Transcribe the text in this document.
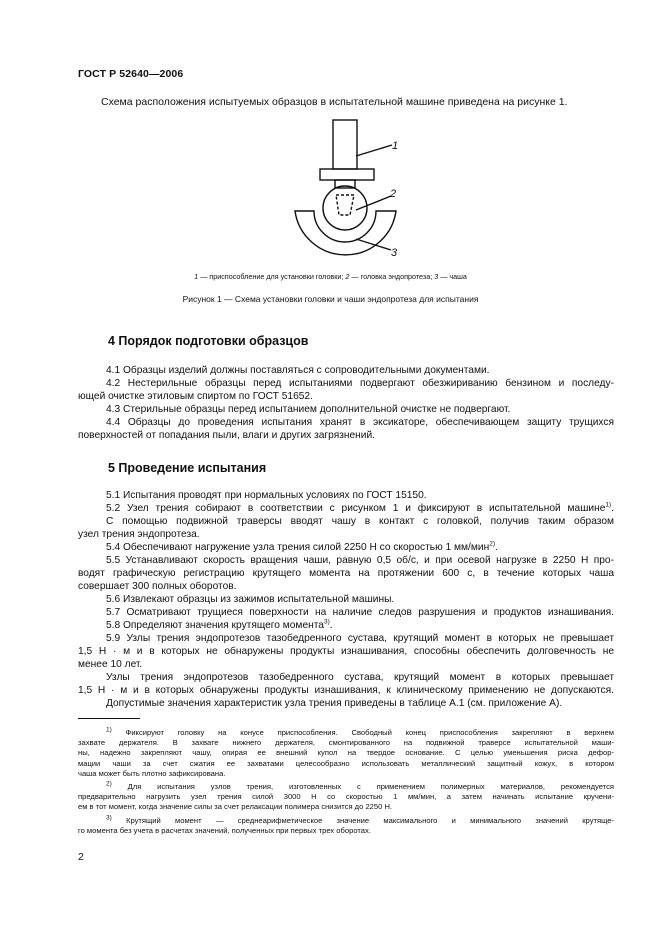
ГОСТ Р 52640—2006
Схема расположения испытуемых образцов в испытательной машине приведена на рисунке 1.
1
2
3
1 — приспособление для установки головки; 2 — головка эндопротеза; 3 — чаша
Рисунок 1 — Схема установки головки и чаши эндопротеза для испытания
4 Порядок подготовки образцов
4.1 Образцы изделий должны поставляться с сопроводительными документами.
4.2 Нестерильные образцы перед испытаниями подвергают обезжириванию бензином и последу-
ющей очистке этиловым спиртом по ГОСТ 51652.
4.3 Стерильные образцы перед испытанием дополнительной очистке не подвергают.
4.4 Образцы до проведения испытания хранят в эксикаторе, обеспечивающем защиту трущихся
поверхностей от попадания пыли, влаги и других загрязнений.
5 Проведение испытания
5.1 Испытания проводят при нормальных условиях по ГОСТ 15150.
5.2 Узел трения собирают в соответствии с рисунком 1 и фиксируют в испытательной машине$^{1)}$.
С помощью подвижной траверсы вводят чашу в контакт с головкой, получив таким образом
узел трения эндопротеза.
5.4 Обеспечивают нагружение узла трения силой 2250 Н со скоростью 1 мм/мин$^{2)}$.
5.5 Устанавливают скорость вращения чаши, равную 0,5 об/с, и при осевой нагрузке в 2250 Н про-
водят графическую регистрацию крутящего момента на протяжении 600 с, в течение которых чаша
совершает 300 полных оборотов.
5.6 Извлекают образцы из зажимов испытательной машины.
5.7 Осматривают трущиеся поверхности на наличие следов разрушения и продуктов изнашивания.
5.8 Определяют значения крутящего момента$^{3)}$.
5.9 Узлы трения эндопротезов тазобедренного сустава, крутящий момент в которых не превышает
1,5 Н · м и в которых не обнаружены продукты изнашивания, способны обеспечить долговечность не
менее 10 лет.
Узлы трения эндопротезов тазобедренного сустава, крутящий момент в которых превышает
1,5 Н · м и в которых обнаружены продукты изнашивания, к клиническому применению не допускаются.
Допустимые значения характеристик узла трения приведены в таблице А.1 (см. приложение А).
1) Фиксируют головку на конусе приспособления. Свободный конец приспособления закрепляют в верхнем
захвате держателя. В захвате нижнего держателя, смонтированного на подвижной траверсе испытательной маши-
ны, надежно закрепляют чашу, опирая ее внешний купол на твердое основание. С целью уменьшения риска дефор-
мации чаши за счет сжатия ее захватами целесообразно использовать металлический защитный кожух, в котором
чаша может быть плотно зафиксирована.
2) Для испытания узлов трения, изготовленных с применением полимерных материалов, рекомендуется
предварительно нагрузить узел трения силой 3000 Н со скоростью 1 мм/мин, а затем начинать испытание кручени-
ем в тот момент, когда значение силы за счет релаксации полимера снизится до 2250 Н.
3) Крутящий момент — среднеарифметическое значение максимального и минимального значений крутяще-
го момента без учета в расчетах значений, полученных при первых трех оборотах.
2
